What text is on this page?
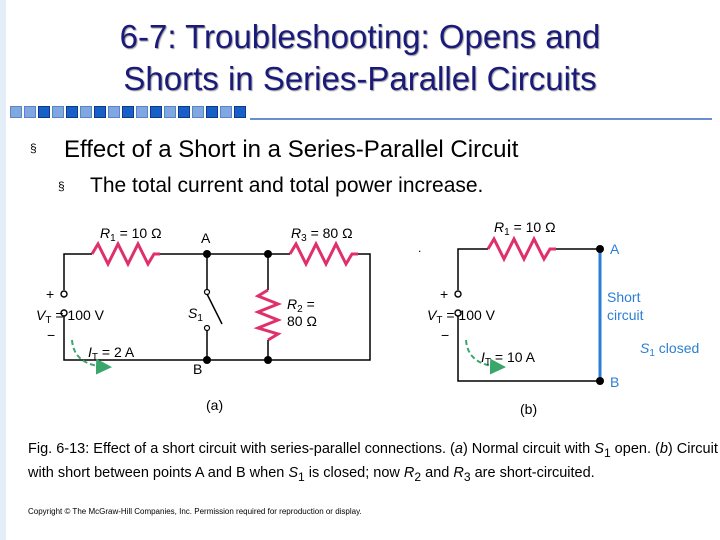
6-7: Troubleshooting: Opens and
Shorts in Series-Parallel Circuits
§ Effect of a Short in a Series-Parallel Circuit
§ The total current and total power increase.
$R_1 = 10$ Ω	$R_3 = 80$ Ω
$R_2$ =
80 Ω
A
B
$S_1$
+
−
$V_T = 100$ V
$I_T = 2$ A
(a)
.
$R_1 = 10$ Ω
A
B
Short
circuit
$S_1$ closed
+
−
$V_T = 100$ V
$I_T = 10$ A
(b)
Fig. 6-13: Effect of a short circuit with series-parallel connections. (a) Normal circuit with $S_1$ open. (b) Circuit with short between points A and B when $S_1$ is closed; now $R_2$ and $R_3$ are short-circuited.
Copyright © The McGraw-Hill Companies, Inc. Permission required for reproduction or display.
